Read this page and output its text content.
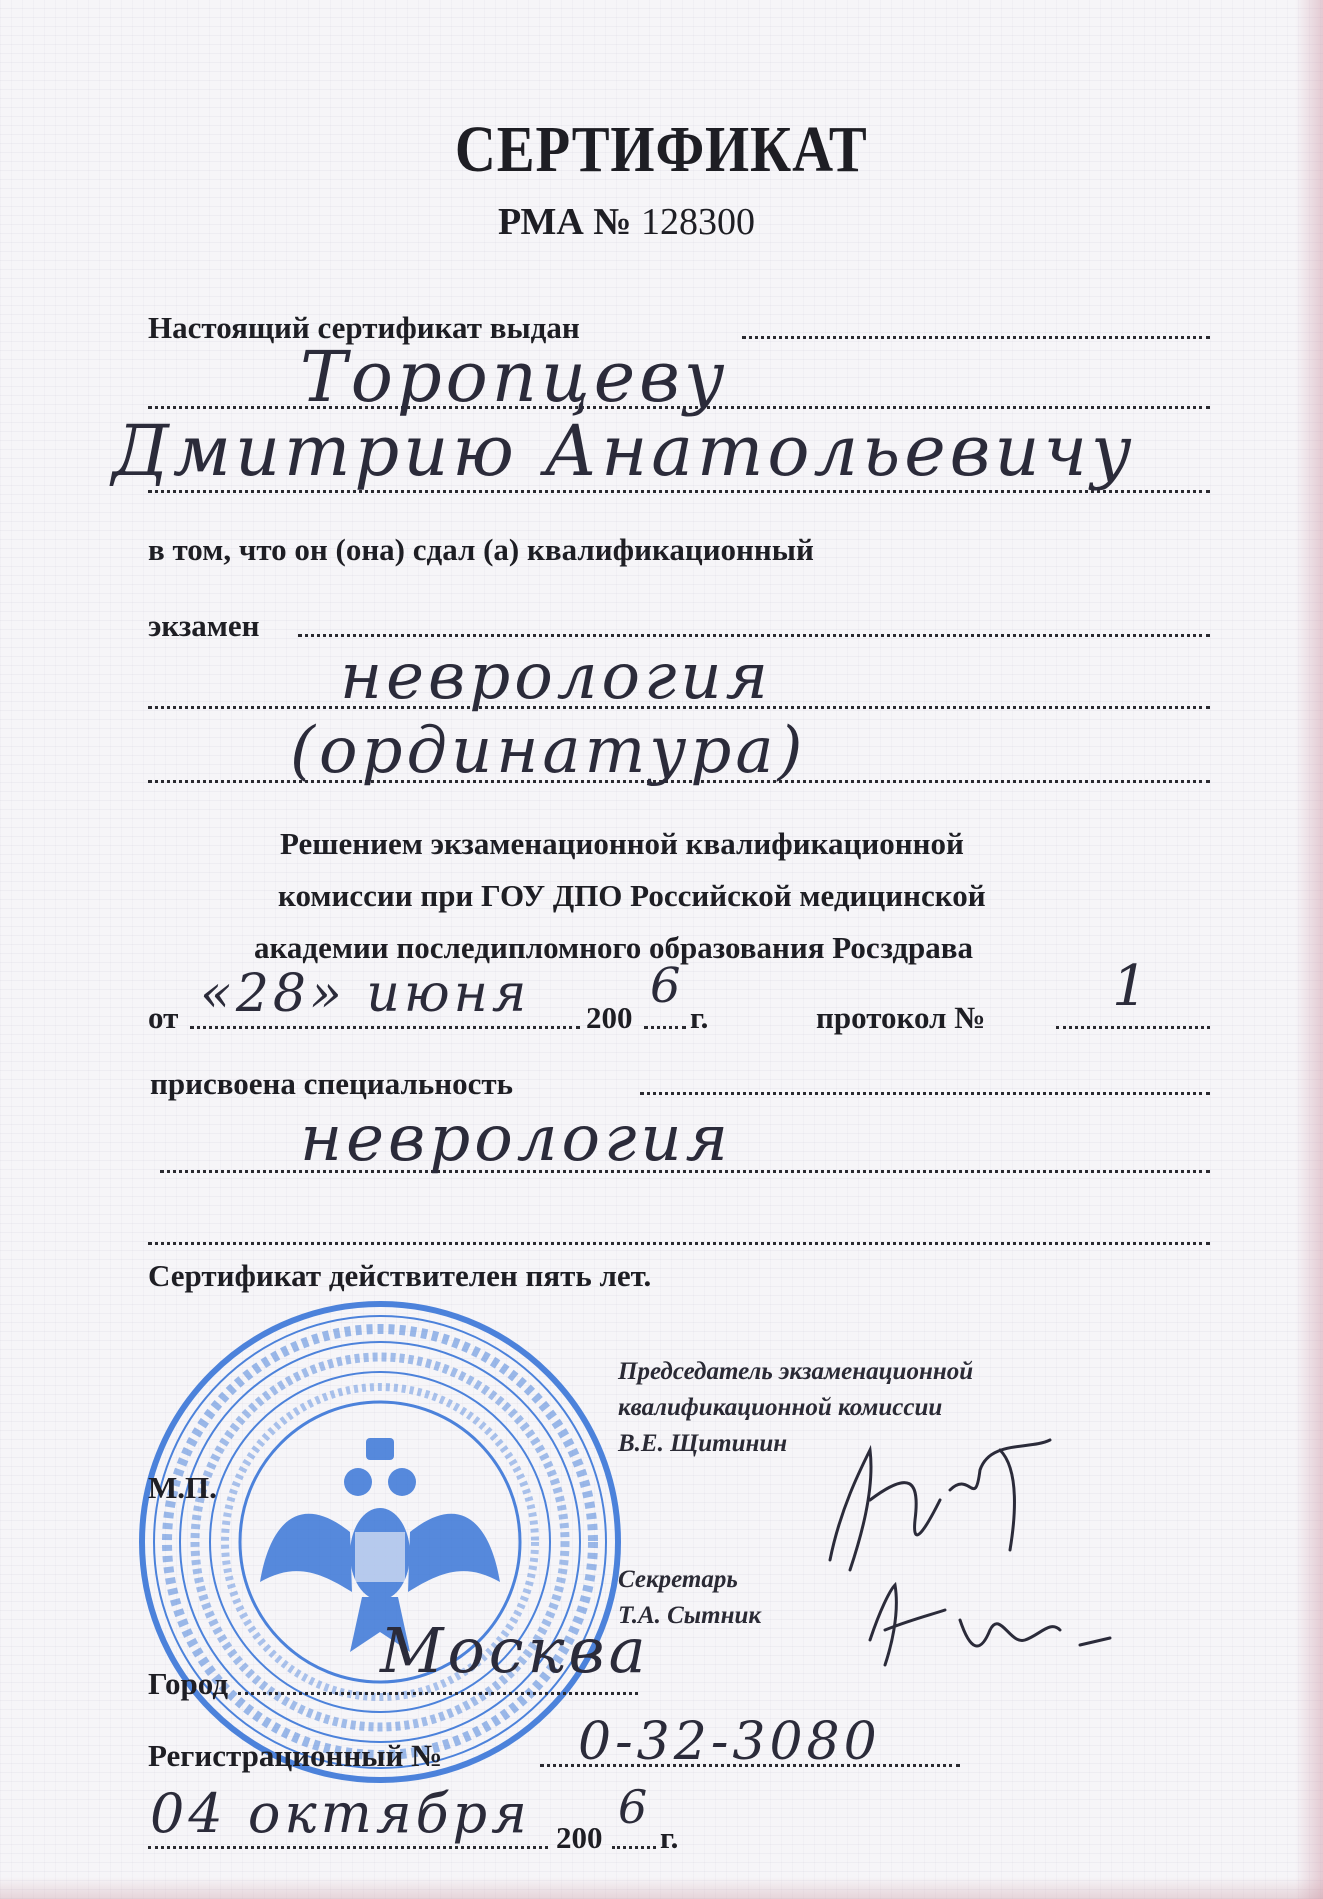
СЕРТИФИКАТ
РМА № 128300
Настоящий сертификат выдан
Торопцеву
Дмитрию Анатольевичу
в том, что он (она) сдал (а) квалификационный
экзамен
неврология
(ординатура)
Решением экзаменационной квалификационной
комиссии при ГОУ ДПО Российской медицинской
академии последипломного образования Росздрава
от «28» июня 200
6
г.	протокол № 1
присвоена специальность
неврология
Сертификат действителен пять лет.
Председатель экзаменационной
квалификационной комиссии
В.Е. Щитинин
М.П.
Секретарь
Т.А. Сытник
Город Москва
Регистрационный №	0-32-3080
04 октября 200
6
г.
